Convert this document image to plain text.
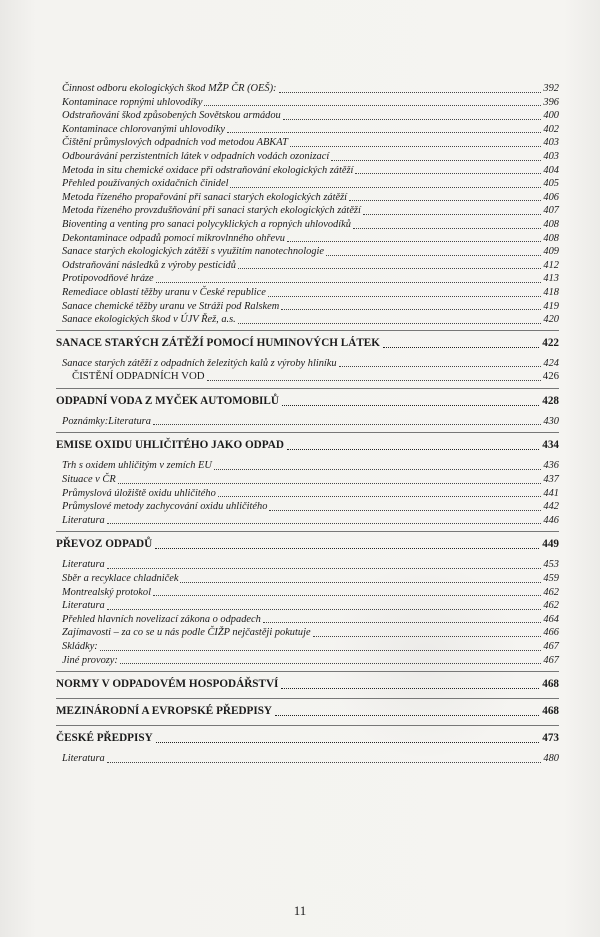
Činnost odboru ekologických škod MŽP ČR (OEŠ):	392
Kontaminace ropnými uhlovodíky	396
Odstraňování škod způsobených Sovětskou armádou	400
Kontaminace chlorovanými uhlovodíky	402
Čištění průmyslových odpadních vod metodou ABKAT	403
Odbourávání perzistentních látek v odpadních vodách ozonizací	403
Metoda in situ chemické oxidace při odstraňování ekologických zátěží	404
Přehled používaných oxidačních činidel	405
Metoda řízeného propařování při sanaci starých ekologických zátěží	406
Metoda řízeného provzdušňování při sanaci starých ekologických zátěží	407
Bioventing a venting pro sanaci polycyklických a ropných uhlovodíků	408
Dekontaminace odpadů pomocí mikrovlnného ohřevu	408
Sanace starých ekologických zátěží s využitím nanotechnologie	409
Odstraňování následků z výroby pesticidů	412
Protipovodňové hráze	413
Remediace oblastí těžby uranu v České republice	418
Sanace chemické těžby uranu ve Stráži pod Ralskem	419
Sanace ekologických škod v ÚJV Řež, a.s.	420
SANACE STARÝCH ZÁTĚŽÍ POMOCÍ HUMINOVÝCH LÁTEK	422
Sanace starých zátěží z odpadních železitých kalů z výroby hliníku	424
ČISTĚNÍ ODPADNÍCH VOD	426
ODPADNÍ VODA Z MYČEK AUTOMOBILŮ	428
Poznámky:Literatura	430
EMISE OXIDU UHLIČITÉHO JAKO ODPAD	434
Trh s oxidem uhličitým v zemích EU	436
Situace v ČR	437
Průmyslová úložiště oxidu uhličitého	441
Průmyslové metody zachycování oxidu uhličitého	442
Literatura	446
PŘEVOZ ODPADŮ	449
Literatura	453
Sběr a recyklace chladniček	459
Montrealský protokol	462
Literatura	462
Přehled hlavních novelizací zákona o odpadech	464
Zajímavosti – za co se u nás podle ČIŽP nejčastěji pokutuje	466
Skládky:	467
Jiné provozy:	467
NORMY V ODPADOVÉM HOSPODÁŘSTVÍ	468
MEZINÁRODNÍ A EVROPSKÉ PŘEDPISY	468
ČESKÉ PŘEDPISY	473
Literatura	480
11
